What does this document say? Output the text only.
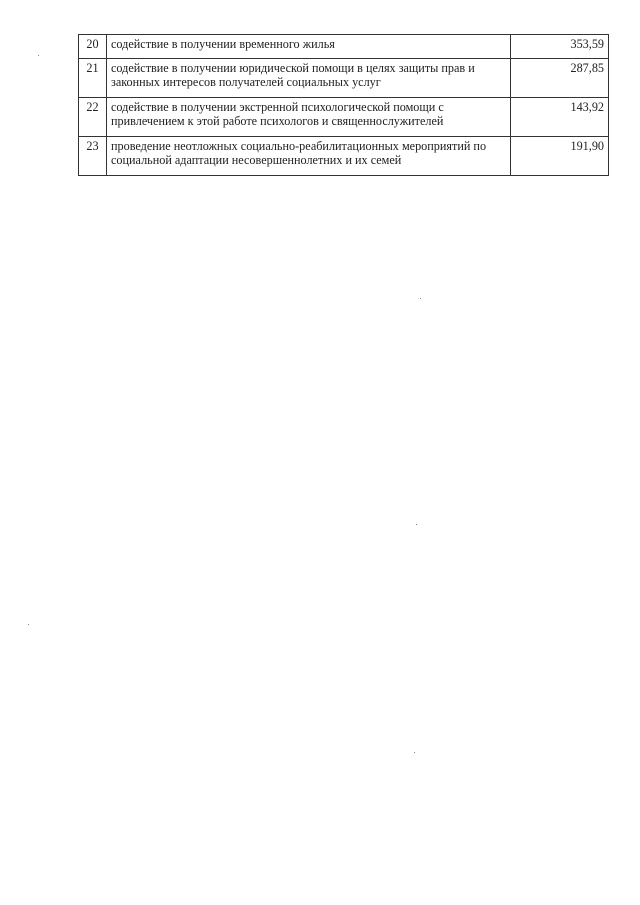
20	содействие в получении временного жилья	353,59
21	содействие в получении юридической помощи в целях защиты прав и законных интересов получателей социальных услуг	287,85
22	содействие в получении экстренной психологической помощи с привлечением к этой работе психологов и священнослужителей	143,92
23	проведение неотложных социально-реабилитационных мероприятий по социальной адаптации несовершеннолетних и их семей	191,90
